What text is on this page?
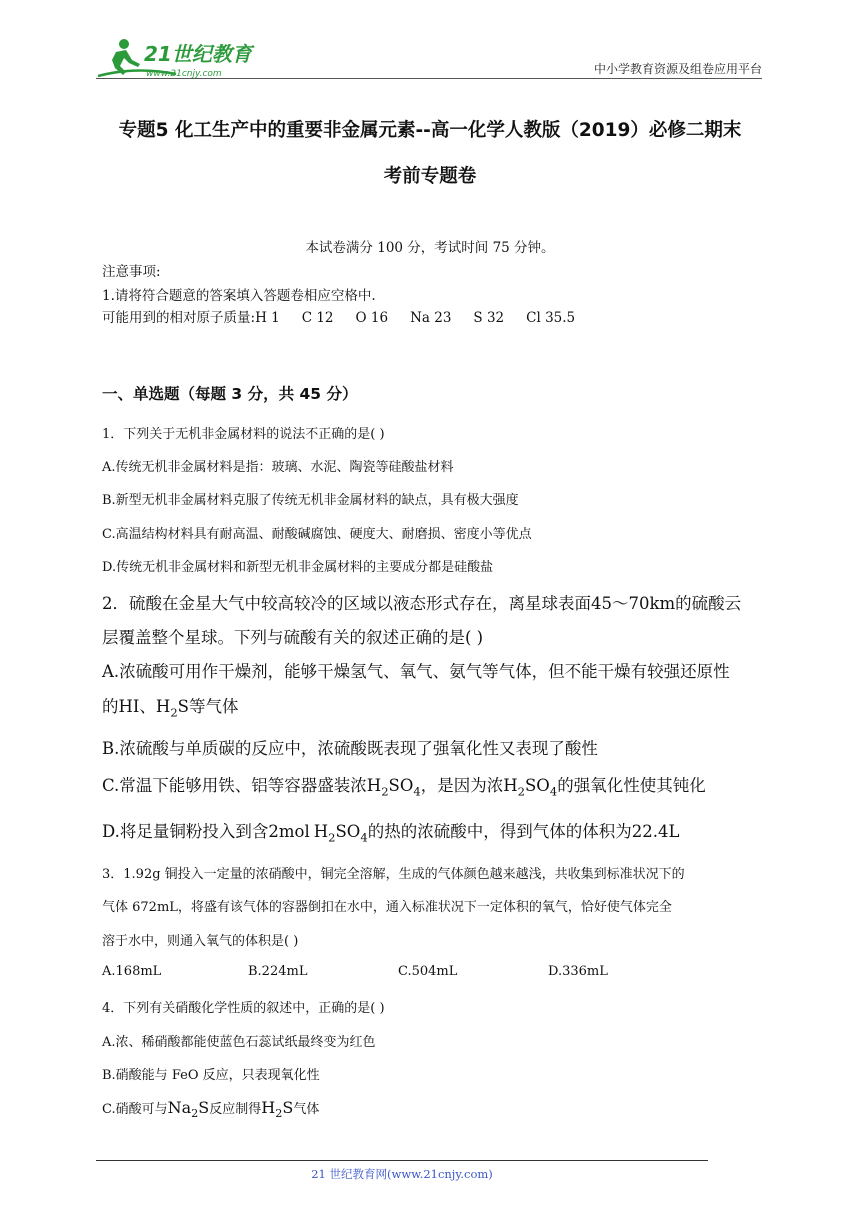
21世纪教育
www.21cnjy.com	中小学教育资源及组卷应用平台
专题5 化工生产中的重要非金属元素--高一化学人教版（2019）必修二期末
考前专题卷
本试卷满分 100 分，考试时间 75 分钟。
注意事项:
1.请将符合题意的答案填入答题卷相应空格中.
可能用到的相对原子质量:H 1 C 12 O 16 Na 23 S 32 Cl 35.5
一、单选题（每题 3 分，共 45 分）
1．下列关于无机非金属材料的说法不正确的是( )
A.传统无机非金属材料是指：玻璃、水泥、陶瓷等硅酸盐材料
B.新型无机非金属材料克服了传统无机非金属材料的缺点，具有极大强度
C.高温结构材料具有耐高温、耐酸碱腐蚀、硬度大、耐磨损、密度小等优点
D.传统无机非金属材料和新型无机非金属材料的主要成分都是硅酸盐
2．硫酸在金星大气中较高较冷的区域以液态形式存在，离星球表面45～70km的硫酸云
层覆盖整个星球。下列与硫酸有关的叙述正确的是( )
A.浓硫酸可用作干燥剂，能够干燥氢气、氧气、氨气等气体，但不能干燥有较强还原性
的HI、$H_2S$等气体
B.浓硫酸与单质碳的反应中，浓硫酸既表现了强氧化性又表现了酸性
C.常温下能够用铁、铝等容器盛装浓$H_2SO_4$，是因为浓$H_2SO_4$的强氧化性使其钝化
D.将足量铜粉投入到含2mol $H_2SO_4$的热的浓硫酸中，得到气体的体积为22.4L
3．1.92g 铜投入一定量的浓硝酸中，铜完全溶解，生成的气体颜色越来越浅，共收集到标准状况下的
气体 672mL，将盛有该气体的容器倒扣在水中，通入标准状况下一定体积的氧气，恰好使气体完全
溶于水中，则通入氧气的体积是( )
A.168mL	B.224mL	C.504mL	D.336mL
4．下列有关硝酸化学性质的叙述中，正确的是( )
A.浓、稀硝酸都能使蓝色石蕊试纸最终变为红色
B.硝酸能与 FeO 反应，只表现氧化性
C.硝酸可与$Na_2S$反应制得$H_2S$气体
21 世纪教育网(www.21cnjy.com)
